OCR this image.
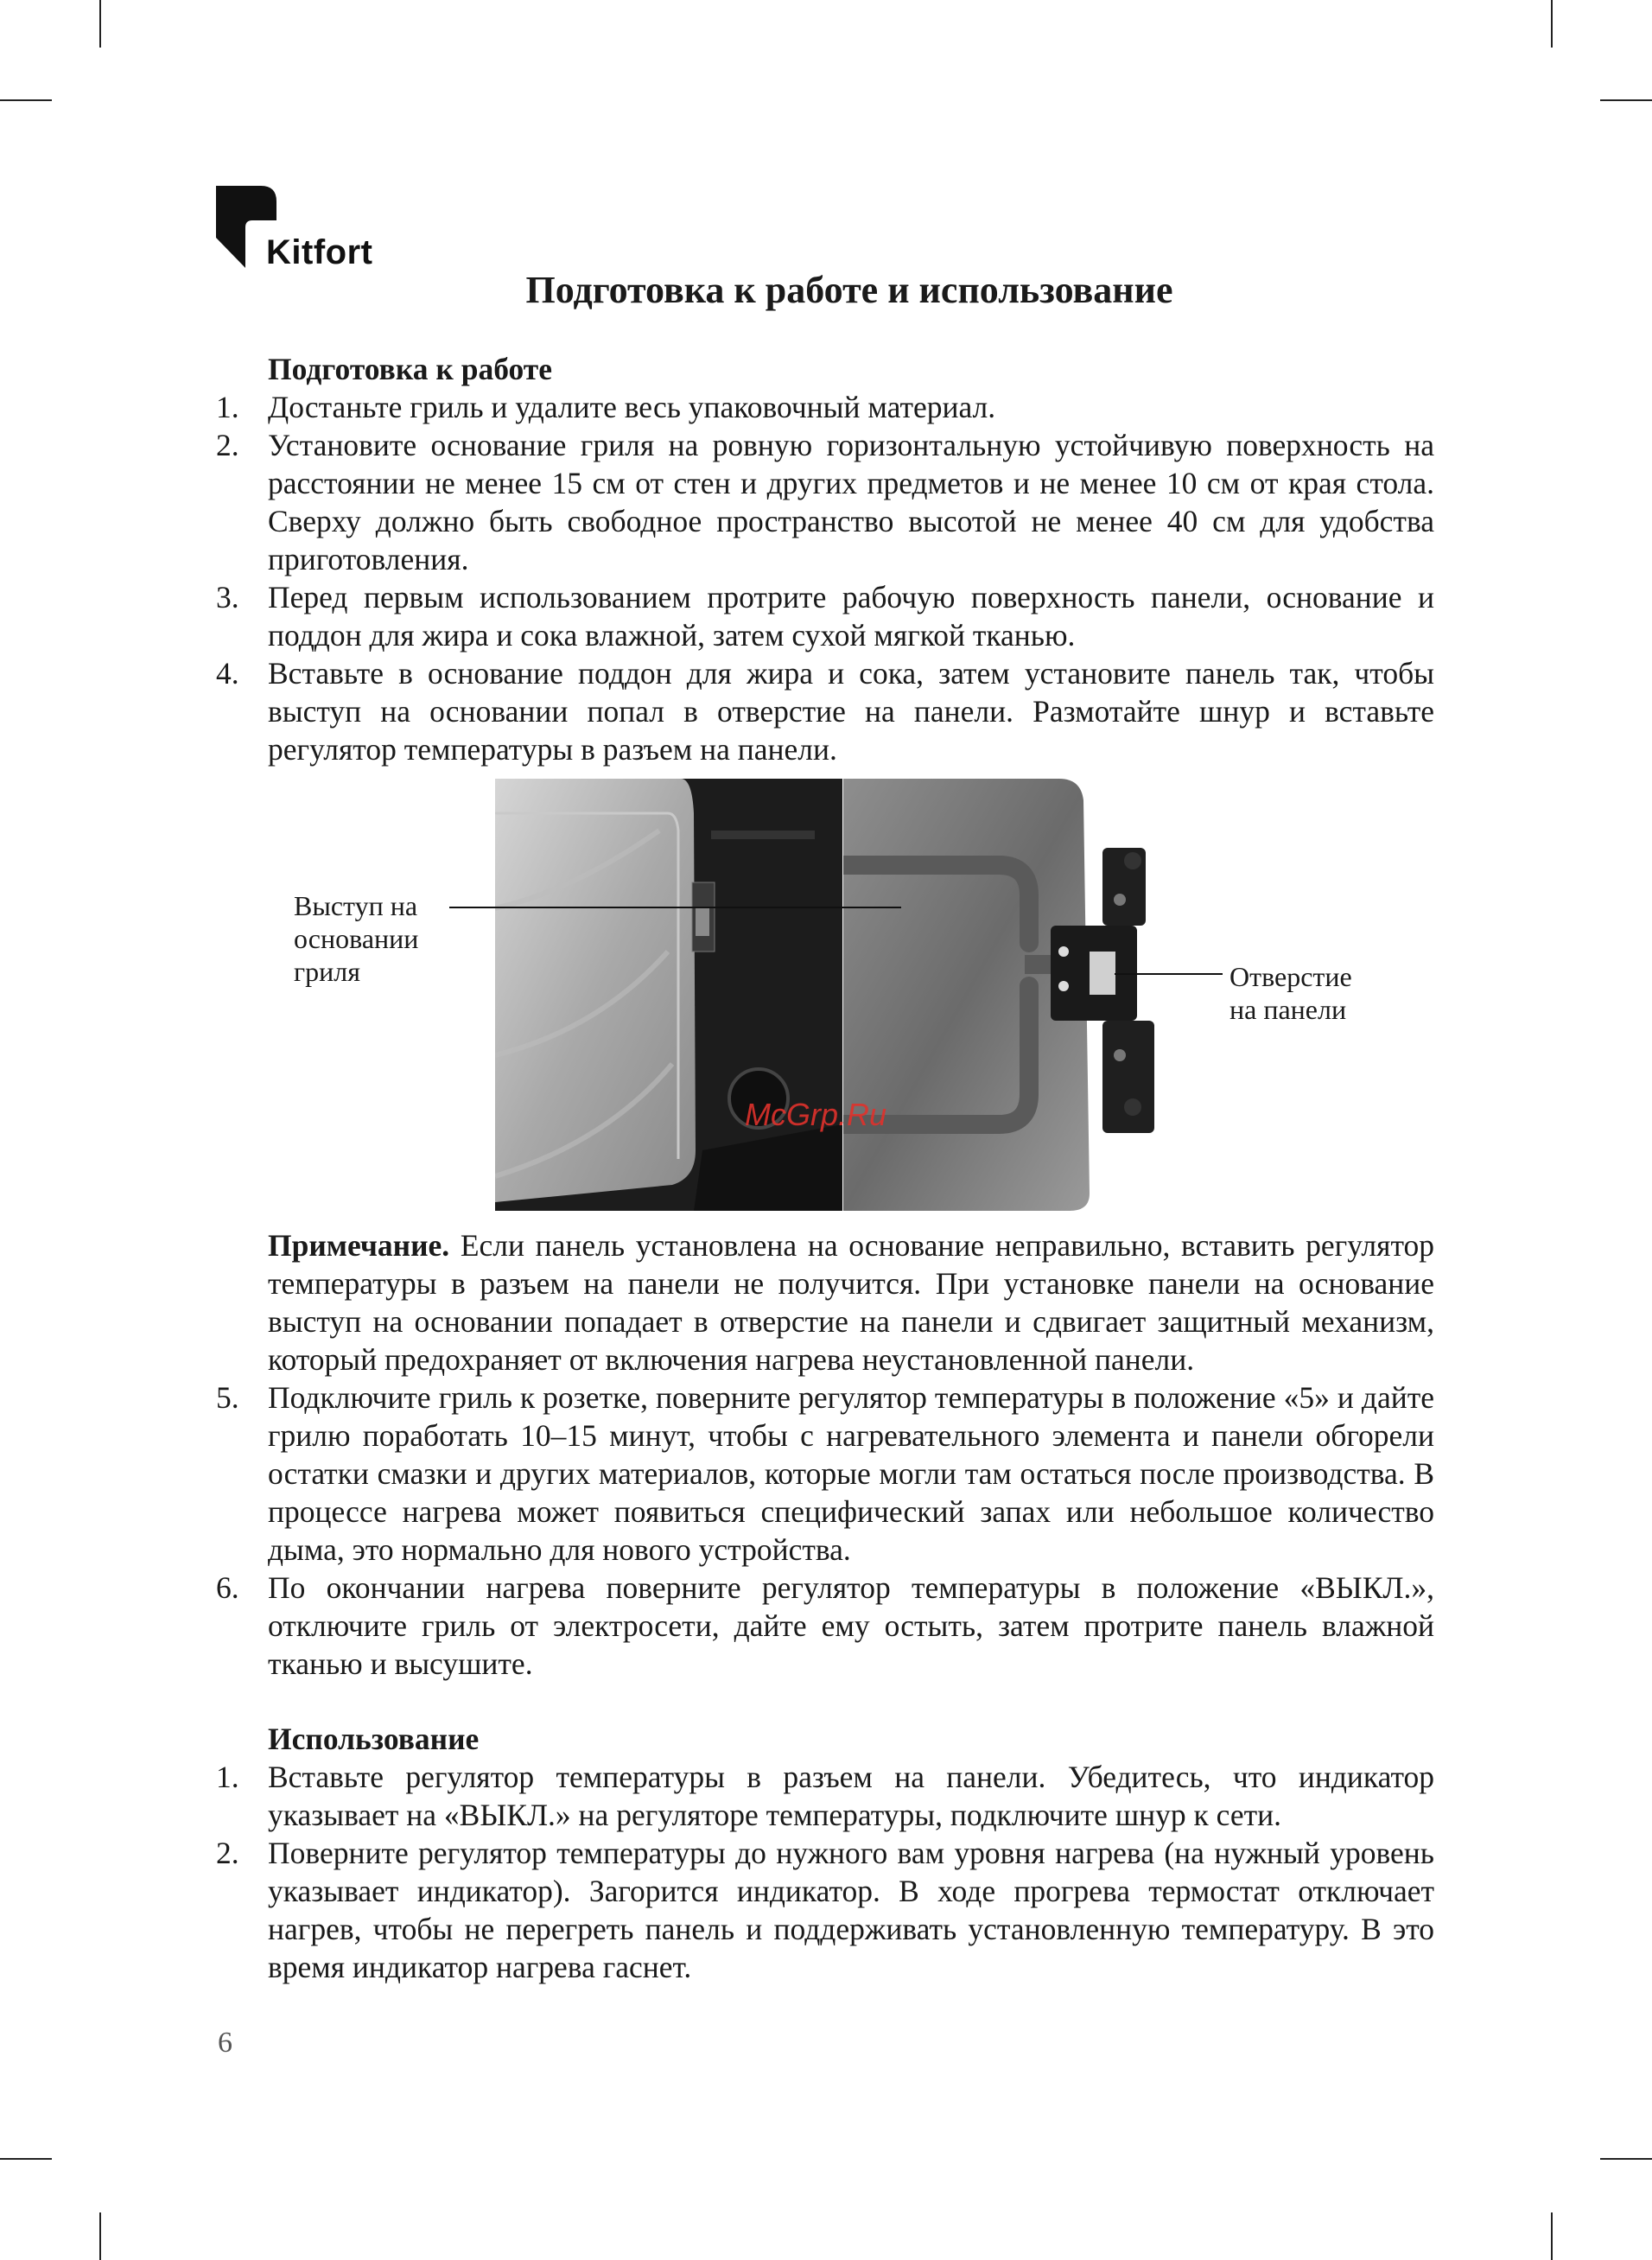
Kitfort
Подготовка к работе и использование

Подготовка к работе

1. Достаньте гриль и удалите весь упаковочный материал.
2. Установите основание гриля на ровную горизонтальную устойчивую поверхность на расстоянии не менее 15 см от стен и других предметов и не менее 10 см от края стола. Сверху должно быть свободное пространство высотой не менее 40 см для удобства приготовления.
3. Перед первым использованием протрите рабочую поверхность панели, основание и поддон для жира и сока влажной, затем сухой мягкой тканью.
4. Вставьте в основание поддон для жира и сока, затем установите панель так, чтобы выступ на основании попал в отверстие на панели. Размотайте шнур и вставьте регулятор температуры в разъем на панели.
Выступ на
основании
гриля	Отверстие
на панели
McGrp.Ru

Примечание. Если панель установлена на основание неправильно, вставить регулятор температуры в разъем на панели не получится. При установке панели на основание выступ на основании попадает в отверстие на панели и сдвигает защитный механизм, который предохраняет от включения нагрева неустановленной панели.

5. Подключите гриль к розетке, поверните регулятор температуры в положение «5» и дайте грилю поработать 10–15 минут, чтобы с нагревательного элемента и панели обгорели остатки смазки и других материалов, которые могли там остаться после производства. В процессе нагрева может появиться специфический запах или небольшое количество дыма, это нормально для нового устройства.
6. По окончании нагрева поверните регулятор температуры в положение «ВЫКЛ.», отключите гриль от электросети, дайте ему остыть, затем протрите панель влажной тканью и высушите.

Использование

1. Вставьте регулятор температуры в разъем на панели. Убедитесь, что индикатор указывает на «ВЫКЛ.» на регуляторе температуры, подключите шнур к сети.
2. Поверните регулятор температуры до нужного вам уровня нагрева (на нужный уровень указывает индикатор). Загорится индикатор. В ходе прогрева термостат отключает нагрев, чтобы не перегреть панель и поддерживать установленную температуру. В это время индикатор нагрева гаснет.
6
